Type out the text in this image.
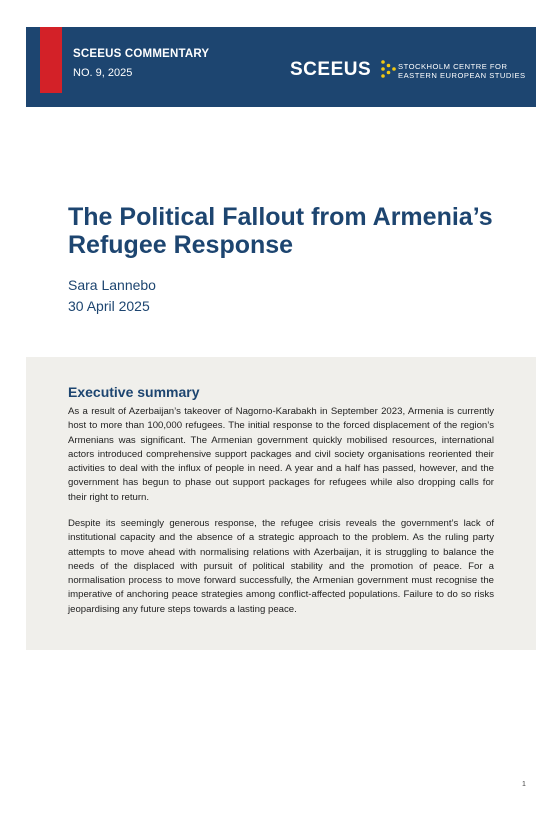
SCEEUS COMMENTARY
NO. 9, 2025	SCEEUS	STOCKHOLM CENTRE FOR
EASTERN EUROPEAN STUDIES
The Political Fallout from Armenia’s Refugee Response
Sara Lannebo
30 April 2025
Executive summary

As a result of Azerbaijan’s takeover of Nagorno-Karabakh in September 2023, Armenia is currently host to more than 100,000 refugees. The initial response to the forced displacement of the region’s Armenians was significant. The Armenian government quickly mobilised resources, international actors introduced comprehensive support packages and civil society organisations reoriented their activities to deal with the influx of people in need. A year and a half has passed, however, and the government has begun to phase out support packages for refugees while also dropping calls for their right to return.

Despite its seemingly generous response, the refugee crisis reveals the government’s lack of institutional capacity and the absence of a strategic approach to the problem. As the ruling party attempts to move ahead with normalising relations with Azerbaijan, it is struggling to balance the needs of the displaced with pursuit of political stability and the promotion of peace. For a normalisation process to move forward successfully, the Armenian government must recognise the imperative of anchoring peace strategies among conflict-affected populations. Failure to do so risks jeopardising any future steps towards a lasting peace.

1
